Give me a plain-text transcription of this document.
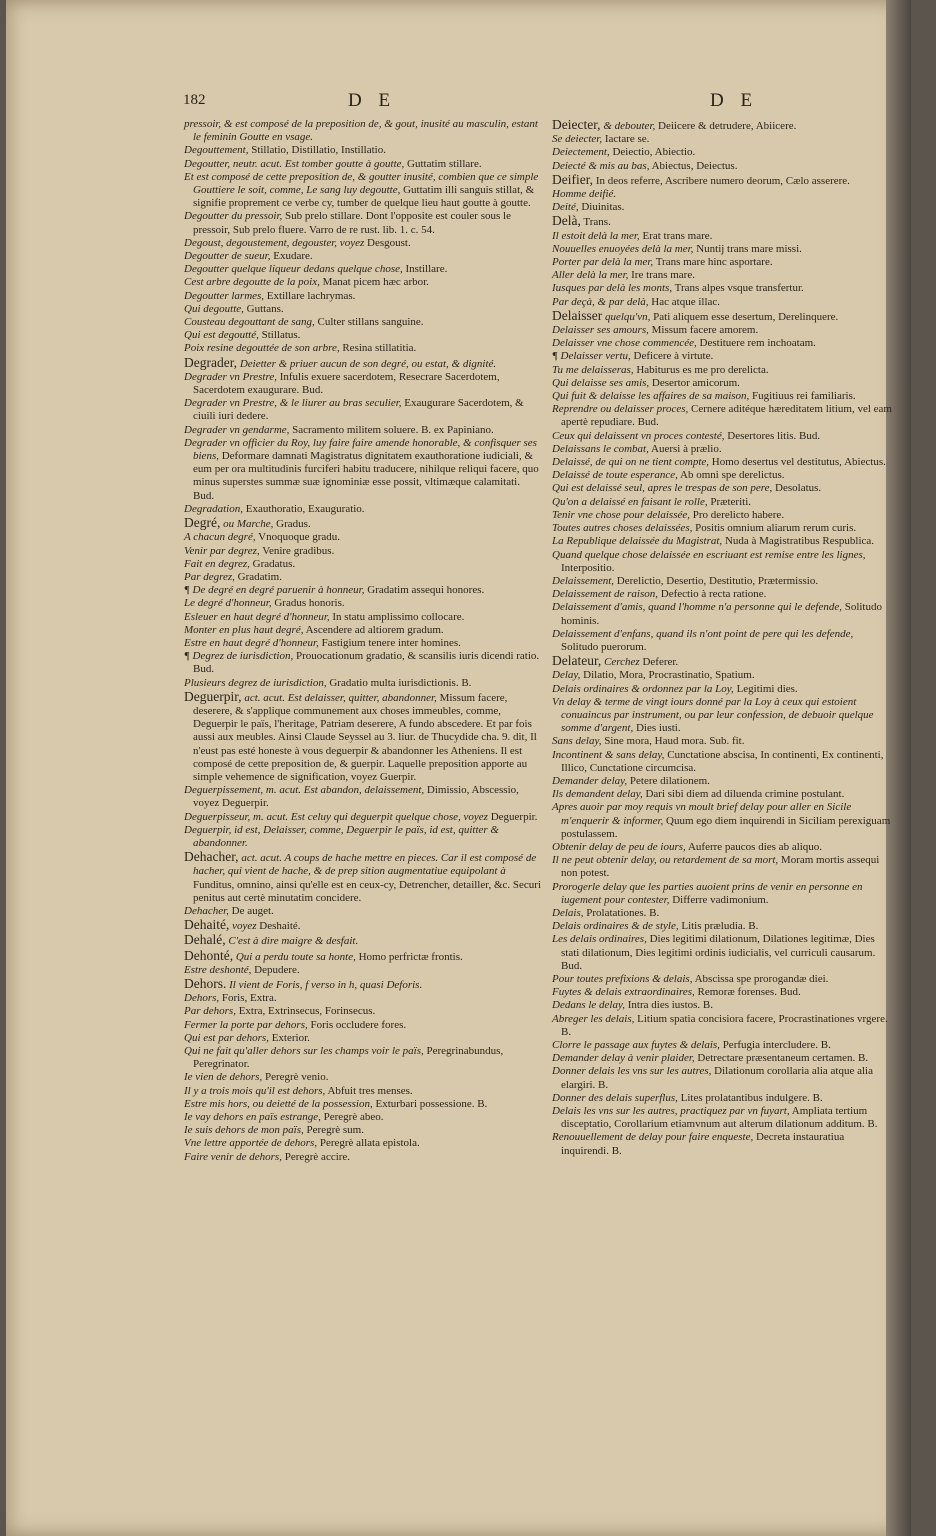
182	D E	D E
pressoir, & est composé de la preposition de, & gout, inusité au masculin, estant le feminin Goutte en vsage.
Degouttement, Stillatio, Distillatio, Instillatio.
Degoutter, neutr. acut. Est tomber goutte à goutte, Guttatim stillare.
Et est composé de cette preposition de, & goutter inusité, combien que ce simple Gouttiere le soit, comme, Le sang luy degoutte, Guttatim illi sanguis stillat, & signifie proprement ce verbe cy, tumber de quelque lieu haut goutte à goutte.
Degoutter du pressoir, Sub prelo stillare. Dont l'opposite est couler sous le pressoir, Sub prelo fluere. Varro de re rust. lib. 1. c. 54.
Degoust, degoustement, degouster, voyez Desgoust.
Degoutter de sueur, Exudare.
Degoutter quelque liqueur dedans quelque chose, Instillare.
Cest arbre degoutte de la poix, Manat picem hæc arbor.
Degoutter larmes, Extillare lachrymas.
Qui degoutte, Guttans.
Cousteau degouttant de sang, Culter stillans sanguine.
Qui est degoutté, Stillatus.
Poix resine degouttée de son arbre, Resina stillatitia.
Degrader, Deietter & priuer aucun de son degré, ou estat, & dignité.
Degrader vn Prestre, Infulis exuere sacerdotem, Resecrare Sacerdotem, Sacerdotem exaugurare. Bud.
Degrader vn Prestre, & le liurer au bras seculier, Exaugurare Sacerdotem, & ciuili iuri dedere.
Degrader vn gendarme, Sacramento militem soluere. B. ex Papiniano.
Degrader vn officier du Roy, luy faire faire amende honorable, & confisquer ses biens, Deformare damnati Magistratus dignitatem exauthoratione iudiciali, & eum per ora multitudinis furciferi habitu traducere, nihilque reliqui facere, quo minus superstes summæ suæ ignominiæ esse possit, vltimæque calamitati. Bud.
Degradation, Exauthoratio, Exauguratio.
Degré, ou Marche, Gradus.
A chacun degré, Vnoquoque gradu.
Venir par degrez, Venire gradibus.
Fait en degrez, Gradatus.
Par degrez, Gradatim.
¶ De degré en degré paruenir à honneur, Gradatim assequi honores.
Le degré d'honneur, Gradus honoris.
Esleuer en haut degré d'honneur, In statu amplissimo collocare.
Monter en plus haut degré, Ascendere ad altiorem gradum.
Estre en haut degré d'honneur, Fastigium tenere inter homines.
¶ Degrez de iurisdiction, Prouocationum gradatio, & scansilis iuris dicendi ratio. Bud.
Plusieurs degrez de iurisdiction, Gradatio multa iurisdictionis. B.
Deguerpir, act. acut. Est delaisser, quitter, abandonner, Missum facere, deserere, & s'applique communement aux choses immeubles, comme, Deguerpir le païs, l'heritage, Patriam deserere, A fundo abscedere. Et par fois aussi aux meubles. Ainsi Claude Seyssel au 3. liur. de Thucydide cha. 9. dit, Il n'eust pas esté honeste à vous deguerpir & abandonner les Atheniens. Il est composé de cette preposition de, & guerpir. Laquelle preposition apporte au simple vehemence de signification, voyez Guerpir.
Deguerpissement, m. acut. Est abandon, delaissement, Dimissio, Abscessio, voyez Deguerpir.
Deguerpisseur, m. acut. Est celuy qui deguerpit quelque chose, voyez Deguerpir.
Deguerpir, id est, Delaisser, comme, Deguerpir le païs, id est, quitter & abandonner.
Dehacher, act. acut. A coups de hache mettre en pieces. Car il est composé de hacher, qui vient de hache, & de prep sition augmentatiue equipolant à Funditus, omnino, ainsi qu'elle est en ceux-cy, Detrencher, detailler, &c. Securi penitus aut certè minutatim concidere.
Dehacher, De auget.
Dehaité, voyez Deshaité.
Dehalé, C'est à dire maigre & desfait.
Dehonté, Qui a perdu toute sa honte, Homo perfrictæ frontis.
Estre deshonté, Depudere.
Dehors. Il vient de Foris, f verso in h, quasi Deforis.
Dehors, Foris, Extra.
Par dehors, Extra, Extrinsecus, Forinsecus.
Fermer la porte par dehors, Foris occludere fores.
Qui est par dehors, Exterior.
Qui ne fait qu'aller dehors sur les champs voir le païs, Peregrinabundus, Peregrinator.
Ie vien de dehors, Peregrè venio.
Il y a trois mois qu'il est dehors, Abfuit tres menses.
Estre mis hors, ou deietté de la possession, Exturbari possessione. B.
Ie vay dehors en païs estrange, Peregrè abeo.
Ie suis dehors de mon païs, Peregrè sum.
Vne lettre apportée de dehors, Peregrè allata epistola.
Faire venir de dehors, Peregrè accire.
Deiecter, & debouter, Deiicere & detrudere, Abiicere.
Se deiecter, Iactare se.
Deiectement, Deiectio, Abiectio.
Deiecté & mis au bas, Abiectus, Deiectus.
Deifier, In deos referre, Ascribere numero deorum, Cælo asserere.
Homme deifié.
Deité, Diuinitas.
Delà, Trans.
Il estoit delà la mer, Erat trans mare.
Nouuelles enuoyées delà la mer, Nuntij trans mare missi.
Porter par delà la mer, Trans mare hinc asportare.
Aller delà la mer, Ire trans mare.
Iusques par delà les monts, Trans alpes vsque transfertur.
Par deçà, & par delà, Hac atque illac.
Delaisser quelqu'vn, Pati aliquem esse desertum, Derelinquere.
Delaisser ses amours, Missum facere amorem.
Delaisser vne chose commencée, Destituere rem inchoatam.
¶ Delaisser vertu, Deficere à virtute.
Tu me delaisseras, Habiturus es me pro derelicta.
Qui delaisse ses amis, Desertor amicorum.
Qui fuit & delaisse les affaires de sa maison, Fugitiuus rei familiaris.
Reprendre ou delaisser proces, Cernere aditéque hæreditatem litium, vel eam apertè repudiare. Bud.
Ceux qui delaissent vn proces contesté, Desertores litis. Bud.
Delaissans le combat, Auersi à prælio.
Delaissé, de qui on ne tient compte, Homo desertus vel destitutus, Abiectus.
Delaissé de toute esperance, Ab omni spe derelictus.
Qui est delaissé seul, apres le trespas de son pere, Desolatus.
Qu'on a delaissé en faisant le rolle, Præteriti.
Tenir vne chose pour delaissée, Pro derelicto habere.
Toutes autres choses delaissées, Positis omnium aliarum rerum curis.
La Republique delaissée du Magistrat, Nuda à Magistratibus Respublica.
Quand quelque chose delaissée en escriuant est remise entre les lignes, Interpositio.
Delaissement, Derelictio, Desertio, Destitutio, Prætermissio.
Delaissement de raison, Defectio à recta ratione.
Delaissement d'amis, quand l'homme n'a personne qui le defende, Solitudo hominis.
Delaissement d'enfans, quand ils n'ont point de pere qui les defende, Solitudo puerorum.
Delateur, Cerchez Deferer.
Delay, Dilatio, Mora, Procrastinatio, Spatium.
Delais ordinaires & ordonnez par la Loy, Legitimi dies.
Vn delay & terme de vingt iours donné par la Loy à ceux qui estoient conuaincus par instrument, ou par leur confession, de debuoir quelque somme d'argent, Dies iusti.
Sans delay, Sine mora, Haud mora. Sub. fit.
Incontinent & sans delay, Cunctatione abscisa, In continenti, Ex continenti, Illico, Cunctatione circumcisa.
Demander delay, Petere dilationem.
Ils demandent delay, Dari sibi diem ad diluenda crimine postulant.
Apres auoir par moy requis vn moult brief delay pour aller en Sicile m'enquerir & informer, Quum ego diem inquirendi in Siciliam perexiguam postulassem.
Obtenir delay de peu de iours, Auferre paucos dies ab aliquo.
Il ne peut obtenir delay, ou retardement de sa mort, Moram mortis assequi non potest.
Prorogerle delay que les parties auoient prins de venir en personne en iugement pour contester, Differre vadimonium.
Delais, Prolatationes. B.
Delais ordinaires & de style, Litis præludia. B.
Les delais ordinaires, Dies legitimi dilationum, Dilationes legitimæ, Dies stati dilationum, Dies legitimi ordinis iudicialis, vel curriculi causarum. Bud.
Pour toutes prefixions & delais, Abscissa spe prorogandæ diei.
Fuytes & delais extraordinaires, Remoræ forenses. Bud.
Dedans le delay, Intra dies iustos. B.
Abreger les delais, Litium spatia concisiora facere, Procrastinationes vrgere. B.
Clorre le passage aux fuytes & delais, Perfugia intercludere. B.
Demander delay à venir plaider, Detrectare præsentaneum certamen. B.
Donner delais les vns sur les autres, Dilationum corollaria alia atque alia elargiri. B.
Donner des delais superflus, Lites prolatantibus indulgere. B.
Delais les vns sur les autres, practiquez par vn fuyart, Ampliata tertium disceptatio, Corollarium etiamvnum aut alterum dilationum additum. B.
Renouuellement de delay pour faire enqueste, Decreta instauratiua inquirendi. B.
